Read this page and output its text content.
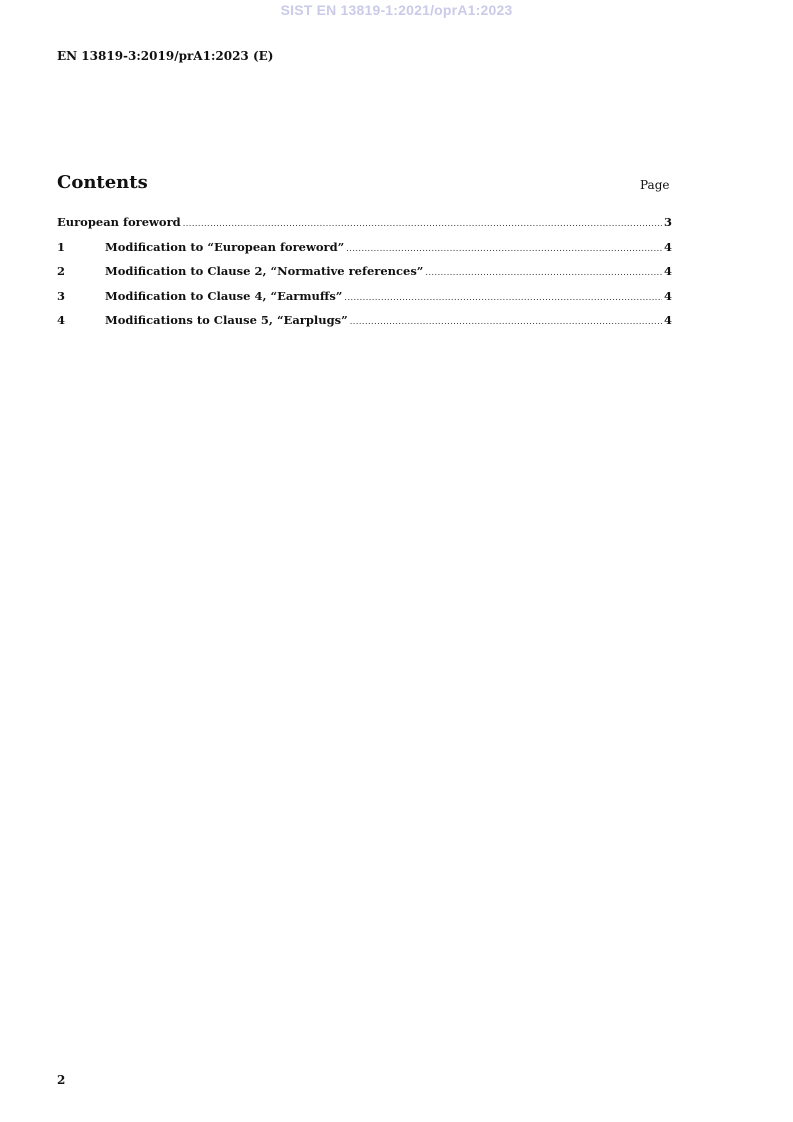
SIST EN 13819-1:2021/oprA1:2023
EN 13819-3:2019/prA1:2023 (E)
Contents	Page
European foreword .....	3
1	Modification to “European foreword” .....	4
2	Modification to Clause 2, “Normative references” .....	4
3	Modification to Clause 4, “Earmuffs” .....	4
4	Modifications to Clause 5, “Earplugs” .....	4
2
